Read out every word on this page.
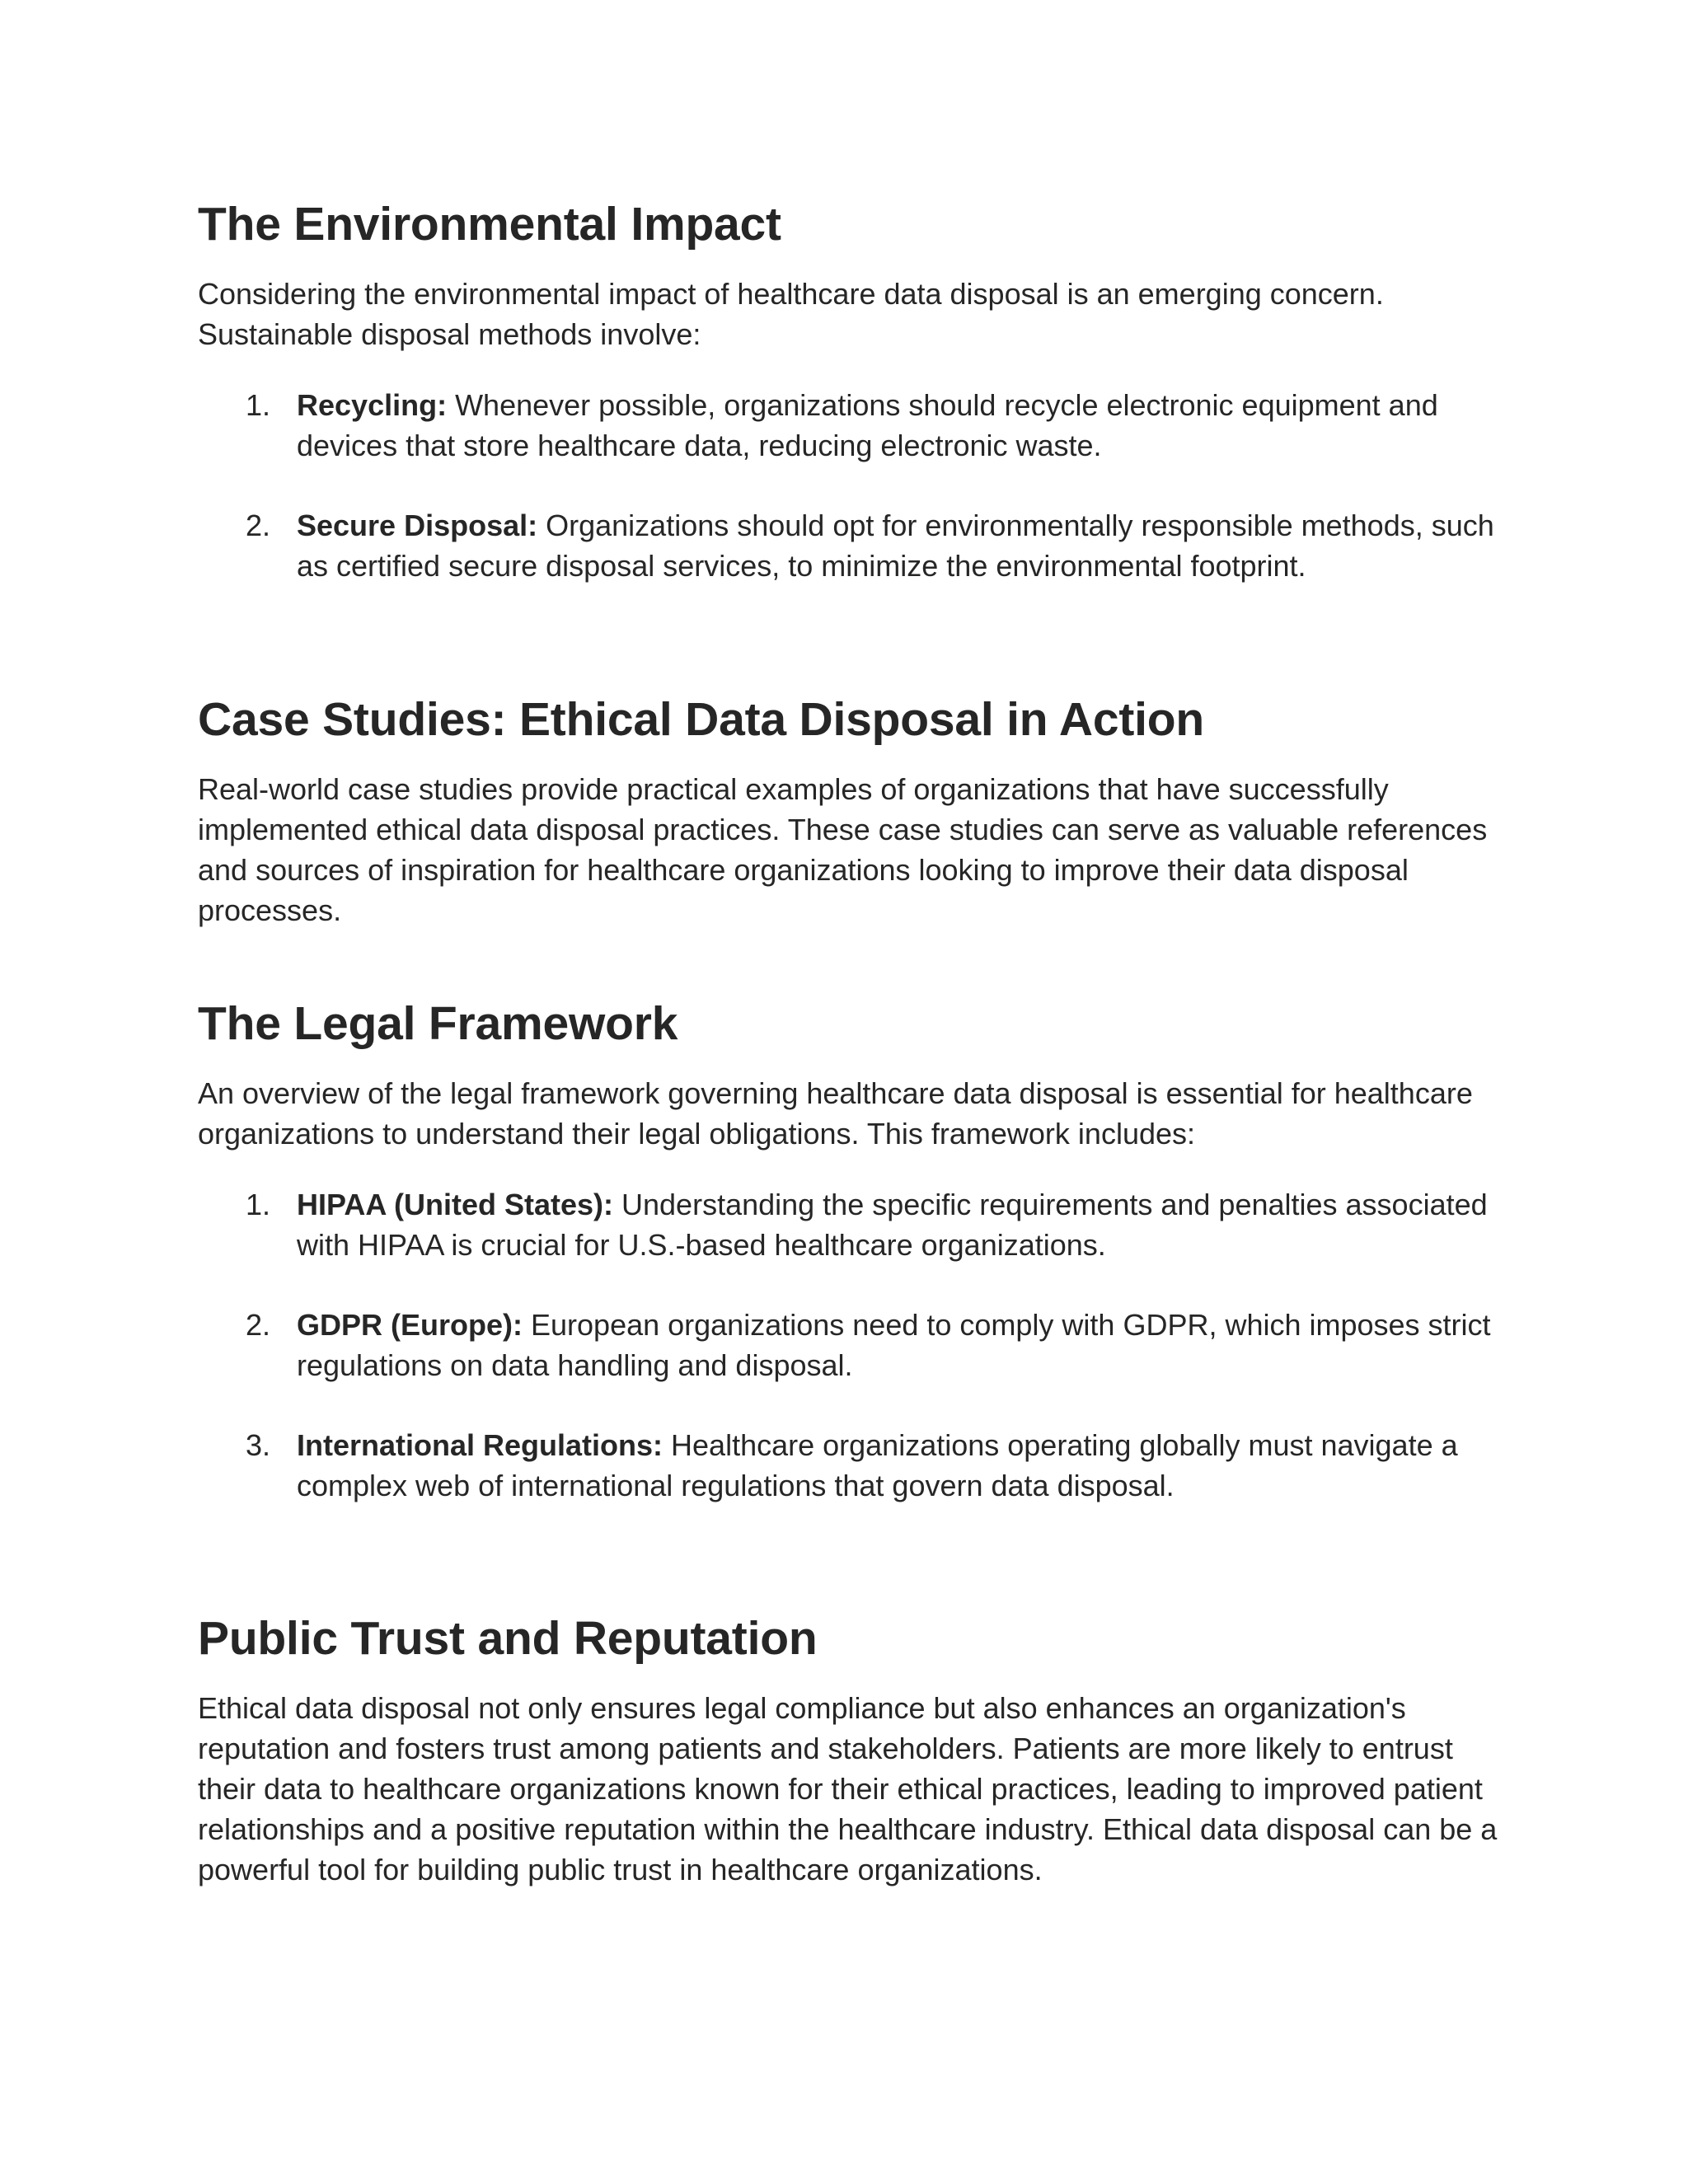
The Environmental Impact

Considering the environmental impact of healthcare data disposal is an emerging concern. Sustainable disposal methods involve:

1. Recycling: Whenever possible, organizations should recycle electronic equipment and devices that store healthcare data, reducing electronic waste.
2. Secure Disposal: Organizations should opt for environmentally responsible methods, such as certified secure disposal services, to minimize the environmental footprint.
Case Studies: Ethical Data Disposal in Action

Real-world case studies provide practical examples of organizations that have successfully implemented ethical data disposal practices. These case studies can serve as valuable references and sources of inspiration for healthcare organizations looking to improve their data disposal processes.

The Legal Framework

An overview of the legal framework governing healthcare data disposal is essential for healthcare organizations to understand their legal obligations. This framework includes:

1. HIPAA (United States): Understanding the specific requirements and penalties associated with HIPAA is crucial for U.S.-based healthcare organizations.
2. GDPR (Europe): European organizations need to comply with GDPR, which imposes strict regulations on data handling and disposal.
3. International Regulations: Healthcare organizations operating globally must navigate a complex web of international regulations that govern data disposal.
Public Trust and Reputation

Ethical data disposal not only ensures legal compliance but also enhances an organization's reputation and fosters trust among patients and stakeholders. Patients are more likely to entrust their data to healthcare organizations known for their ethical practices, leading to improved patient relationships and a positive reputation within the healthcare industry. Ethical data disposal can be a powerful tool for building public trust in healthcare organizations.
